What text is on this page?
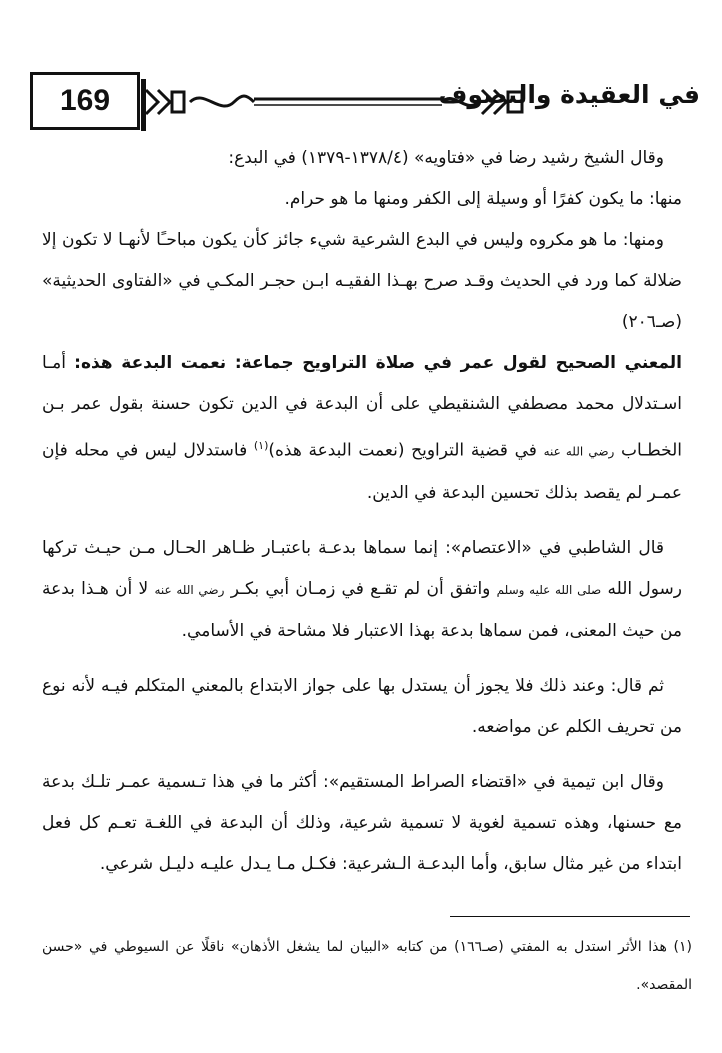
169	في العقيدة والتصوف

وقال الشيخ رشيد رضا في «فتاويه» (١٣٧٨/٤-١٣٧٩) في البدع:

منها: ما يكون كفرًا أو وسيلة إلى الكفر ومنها ما هو حرام.

ومنها: ما هو مكروه وليس في البدع الشرعية شيء جائز كأن يكون مباحـًا لأنهـا لا تكون إلا ضلالة كما ورد في الحديث وقـد صرح بهـذا الفقيـه ابـن حجـر المكـي في «الفتاوى الحديثية» (صـ٢٠٦)

المعني الصحيح لقول عمر في صلاة التراويح جماعة: نعمت البدعة هذه: أمـا اسـتدلال محمد مصطفي الشنقيطي على أن البدعة في الدين تكون حسنة بقول عمر بـن الخطـاب رضي الله عنه في قضية التراويح (نعمت البدعة هذه)$^{(١)}$ فاستدلال ليس في محله فإن عمـر لم يقصد بذلك تحسين البدعة في الدين.

قال الشاطبي في «الاعتصام»: إنما سماها بدعـة باعتبـار ظـاهر الحـال مـن حيـث تركها رسول الله صلى الله عليه وسلم واتفق أن لم تقـع في زمـان أبي بكـر رضي الله عنه لا أن هـذا بدعة من حيث المعنى، فمن سماها بدعة بهذا الاعتبار فلا مشاحة في الأسامي.

ثم قال: وعند ذلك فلا يجوز أن يستدل بها على جواز الابتداع بالمعني المتكلم فيـه لأنه نوع من تحريف الكلم عن مواضعه.

وقال ابن تيمية في «اقتضاء الصراط المستقيم»: أكثر ما في هذا تـسمية عمـر تلـك بدعة مع حسنها، وهذه تسمية لغوية لا تسمية شرعية، وذلك أن البدعة في اللغـة تعـم كل فعل ابتداء من غير مثال سابق، وأما البدعـة الـشرعية: فكـل مـا يـدل عليـه دليـل شرعي.

(١) هذا الأثر استدل به المفتي (صـ١٦٦) من كتابه «البيان لما يشغل الأذهان» ناقلًا عن السيوطي في «حسن المقصد».
